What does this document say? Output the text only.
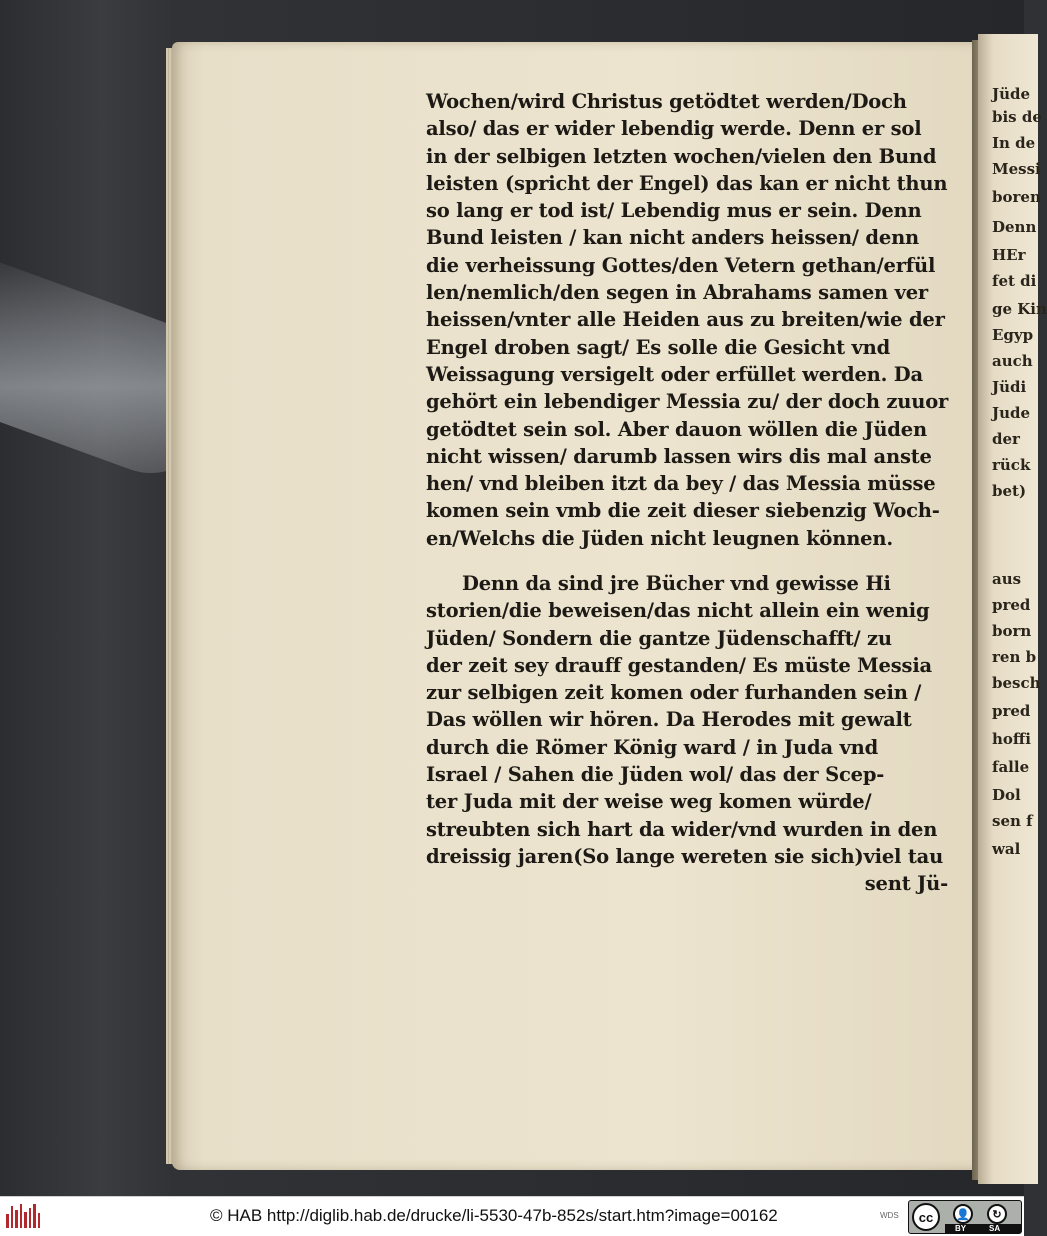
Wochen/wird Christus getödtet werden/Doch
also/ das er wider lebendig werde. Denn er sol
in der selbigen letzten wochen/vielen den Bund
leisten (spricht der Engel) das kan er nicht thun
so lang er tod ist/ Lebendig mus er sein. Denn
Bund leisten / kan nicht anders heissen/ denn
die verheissung Gottes/den Vetern gethan/erfül
len/nemlich/den segen in Abrahams samen ver
heissen/vnter alle Heiden aus zu breiten/wie der
Engel droben sagt/ Es solle die Gesicht vnd
Weissagung versigelt oder erfüllet werden. Da
gehört ein lebendiger Messia zu/ der doch zuuor
getödtet sein sol. Aber dauon wöllen die Jüden
nicht wissen/ darumb lassen wirs dis mal anste
hen/ vnd bleiben itzt da bey / das Messia müsse
komen sein vmb die zeit dieser siebenzig Woch-
en/Welchs die Jüden nicht leugnen können.
Denn da sind jre Bücher vnd gewisse Hi
storien/die beweisen/das nicht allein ein wenig
Jüden/ Sondern die gantze Jüdenschafft/ zu
der zeit sey drauff gestanden/ Es müste Messia
zur selbigen zeit komen oder furhanden sein /
Das wöllen wir hören. Da Herodes mit gewalt
durch die Römer König ward / in Juda vnd
Israel / Sahen die Jüden wol/ das der Scep-
ter Juda mit der weise weg komen würde/
streubten sich hart da wider/vnd wurden in den
dreissig jaren(So lange wereten sie sich)viel tau
sent Jü-
Jüde
bis de
In de
Messi
boren
Denn
HEr
fet di
ge Kin
Egyp
auch
Jüdi
Jude
der
rück
bet)
aus
pred
born
ren b
besch
pred
hoffi
falle
Dol
sen f
wal
© HAB http://diglib.hab.de/drucke/li-5530-47b-852s/start.htm?image=00162	WDS	cc	👤	↻
BY	SA
